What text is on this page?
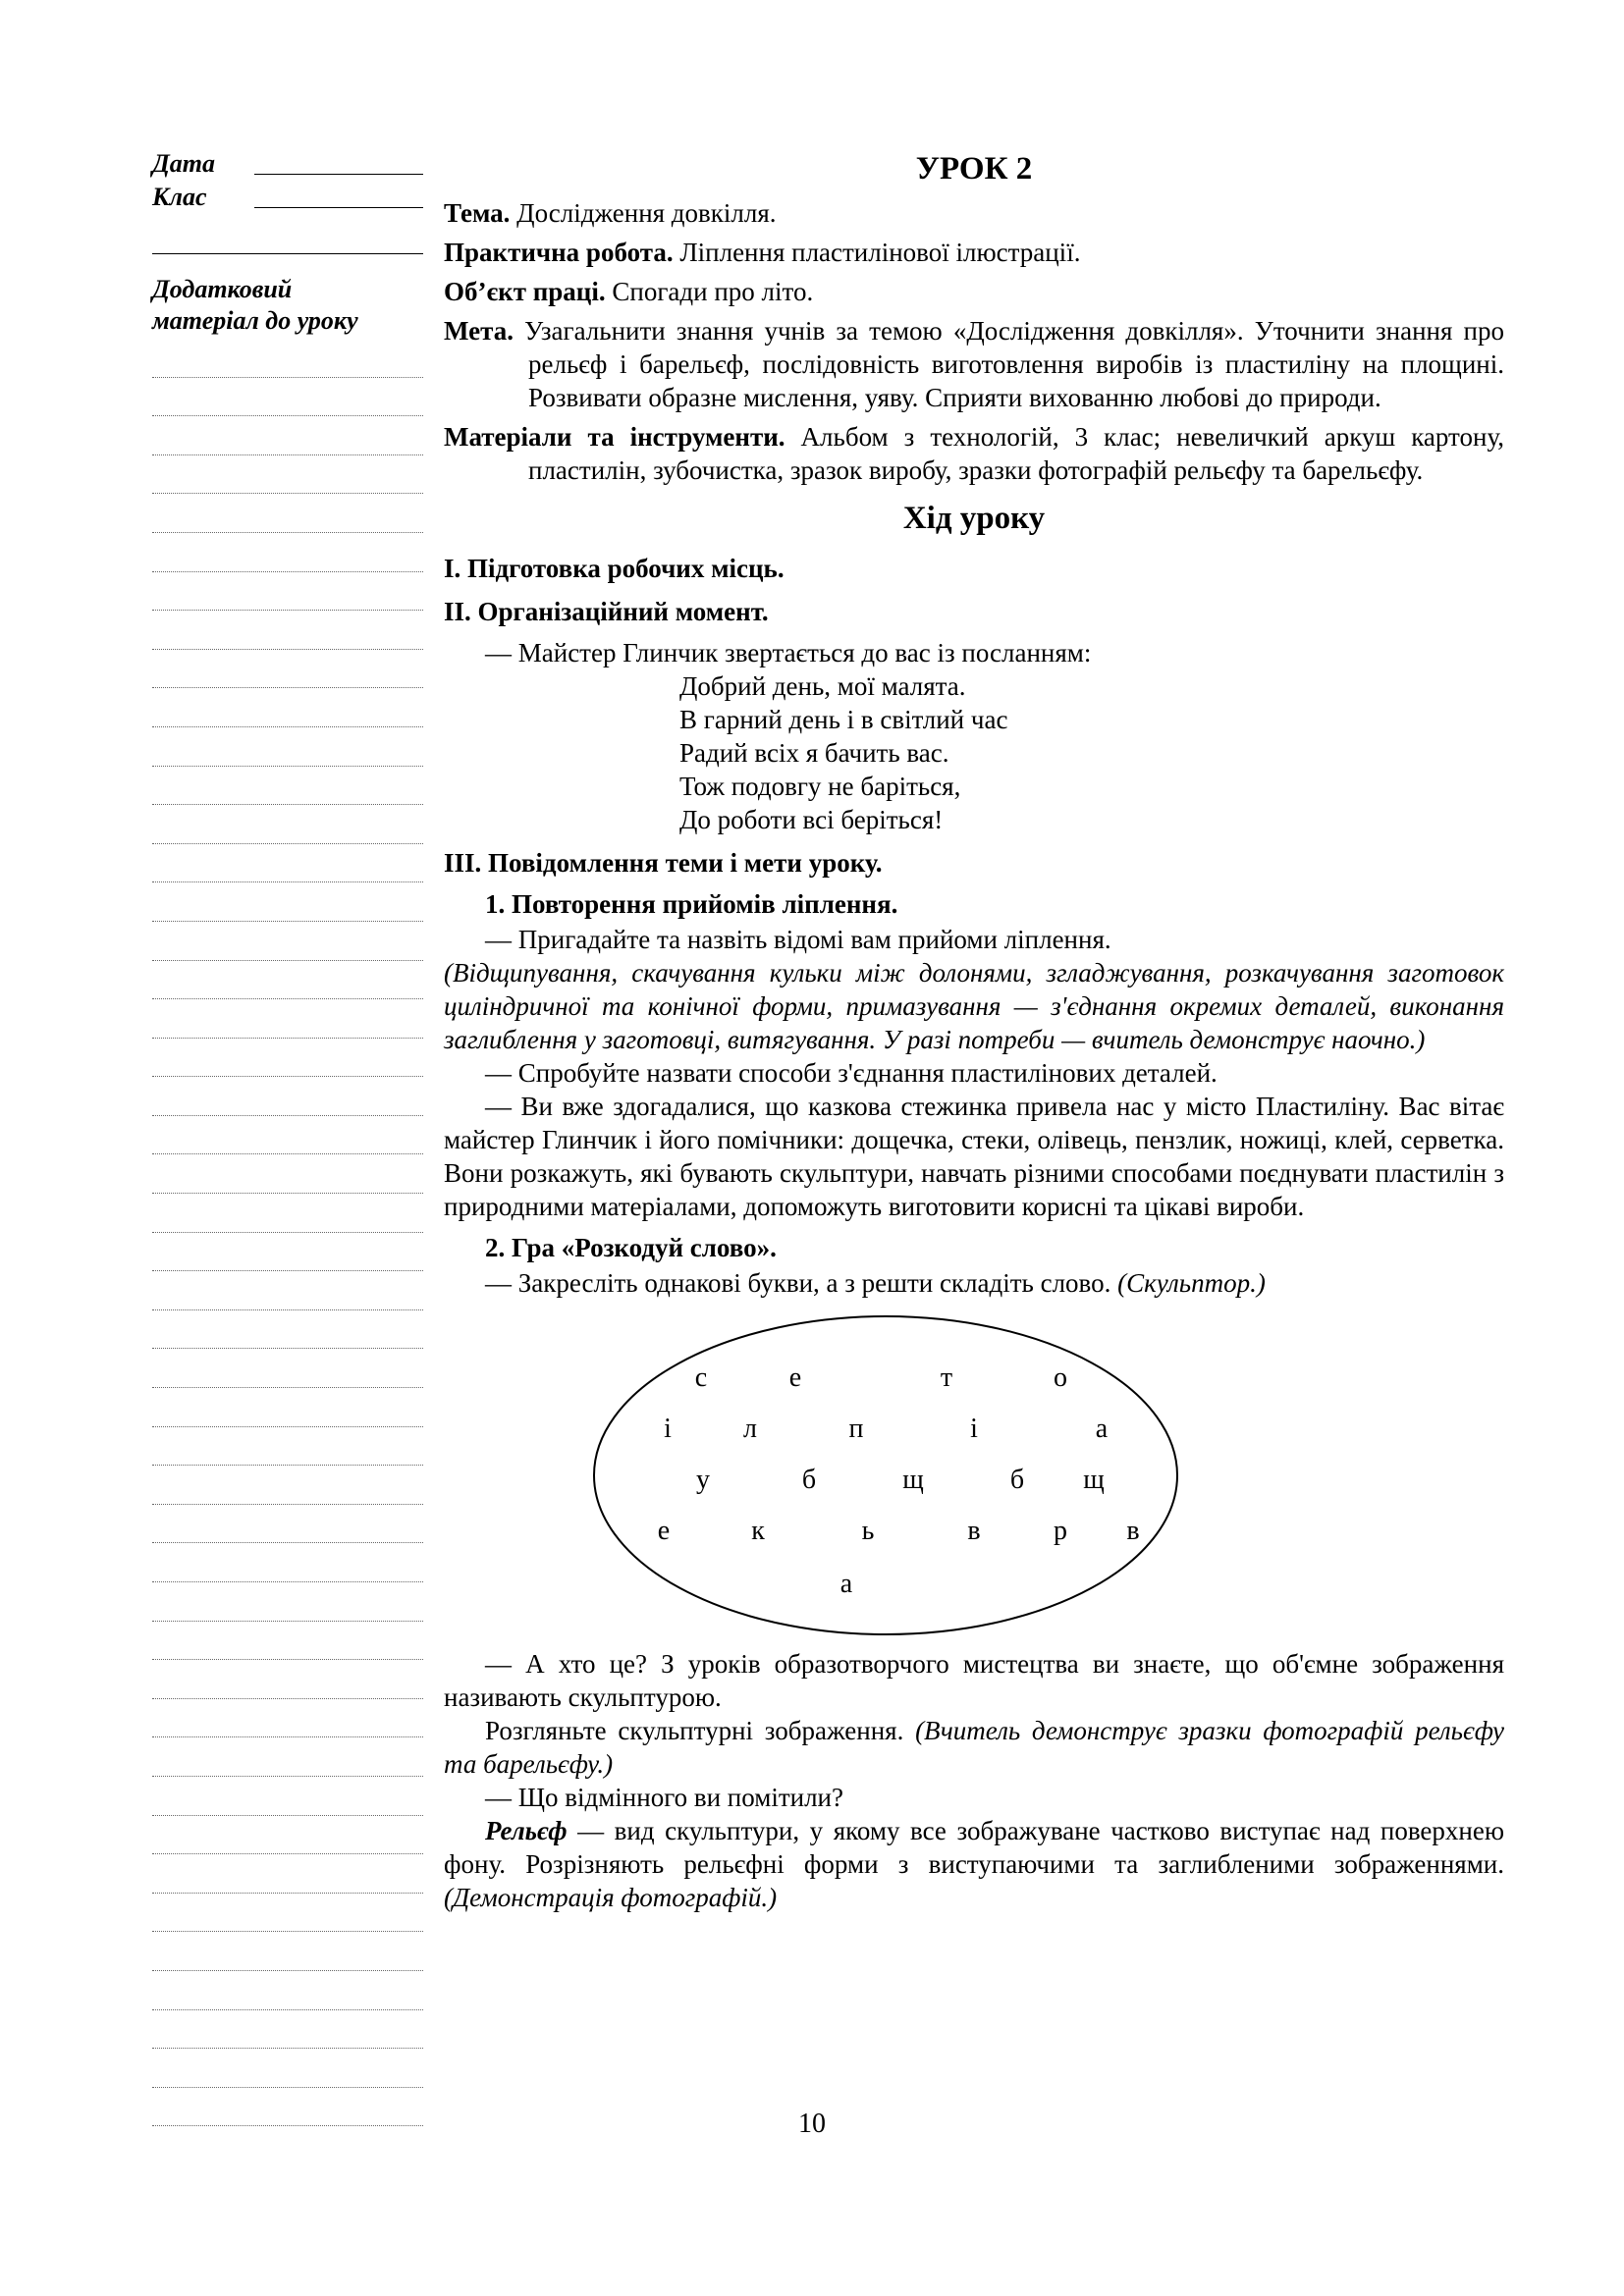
Дата
Клас
Додатковий
матеріал до уроку
УРОК 2

Тема. Дослідження довкілля.

Практична робота. Ліплення пластилінової ілюстрації.

Об’єкт праці. Спогади про літо.

Мета. Узагальнити знання учнів за темою «Дослідження довкілля». Уточнити знання про рельєф і барельєф, послідовність виготовлення виробів із пластиліну на площині. Розвивати образне мислення, уяву. Сприяти вихованню любові до природи.

Матеріали та інструменти. Альбом з технологій, 3 клас; невеличкий аркуш картону, пластилін, зубочистка, зразок виробу, зразки фотографій рельєфу та барельєфу.

Хід уроку
I. Підготовка робочих місць.
II. Організаційний момент.

— Майстер Глинчик звертається до вас із посланням:

Добрий день, мої малята.
В гарний день і в світлий час
Радий всіх я бачить вас.
Тож подовгу не баріться,
До роботи всі беріться!
III. Повідомлення теми і мети уроку.
1. Повторення прийомів ліплення.

— Пригадайте та назвіть відомі вам прийоми ліплення.

(Відщипування, скачування кульки між долонями, згладжування, розкачування заготовок циліндричної та конічної форми, примазування — з'єднання окремих деталей, виконання заглиблення у заготовці, витягування. У разі потреби — вчитель демонструє наочно.)

— Спробуйте назвати способи з'єднання пластилінових деталей.

— Ви вже здогадалися, що казкова стежинка привела нас у місто Пластиліну. Вас вітає майстер Глинчик і його помічники: дощечка, стеки, олівець, пензлик, ножиці, клей, серветка. Вони розкажуть, які бувають скульптури, навчать різними способами поєднувати пластилін з природними матеріалами, допоможуть виготовити корисні та цікаві вироби.

2. Гра «Розкодуй слово».

— Закресліть однакові букви, а з решти складіть слово. (Скульптор.)

с	е	т	о
і	л	п	і	а
у	б	щ	б щ
е	к	ь	в	р в
а

— А хто це? З уроків образотворчого мистецтва ви знаєте, що об'ємне зображення називають скульптурою.

Розгляньте скульптурні зображення. (Вчитель демонструє зразки фотографій рельєфу та барельєфу.)

— Що відмінного ви помітили?

Рельєф — вид скульптури, у якому все зображуване частково виступає над поверхнею фону. Розрізняють рельєфні форми з виступаючими та заглибленими зображеннями. (Демонстрація фотографій.)

10
